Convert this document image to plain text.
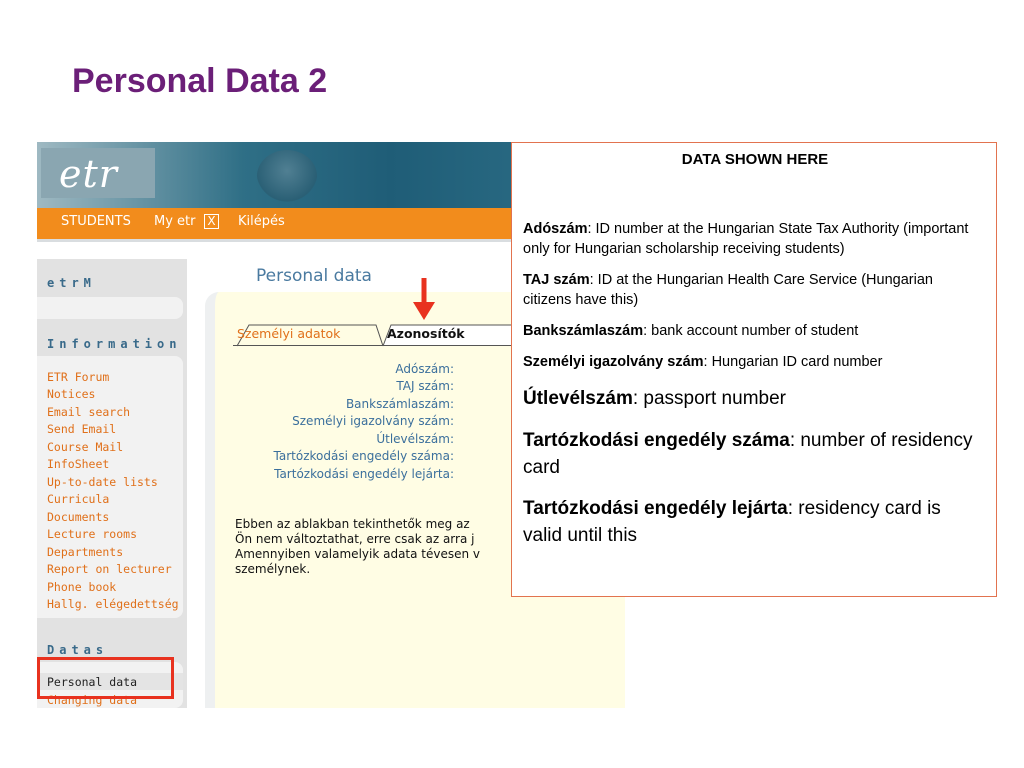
Personal Data 2
etr
STUDENTS My etr X Kilépés
etrM
Information
ETR Forum
Notices
Email search
Send Email
Course Mail
InfoSheet
Up-to-date lists
Curricula
Documents
Lecture rooms
Departments
Report on lecturer
Phone book
Hallg. elégedettség
Datas
Personal data
Changing data
Personal data
Személyi adatok	Azonosítók
Adószám:
TAJ szám:
Bankszámlaszám:
Személyi igazolvány szám:
Útlevélszám:
Tartózkodási engedély száma:
Tartózkodási engedély lejárta:
Ebben az ablakban tekinthetők meg az
Ön nem változtathat, erre csak az arra j
Amennyiben valamelyik adata tévesen v
személynek.
DATA SHOWN HERE

Adószám: ID number at the Hungarian State Tax Authority (important only for Hungarian scholarship receiving students)

TAJ szám: ID at the Hungarian Health Care Service (Hungarian citizens have this)

Bankszámlaszám: bank account number of student

Személyi igazolvány szám: Hungarian ID card number

Útlevélszám: passport number

Tartózkodási engedély száma: number of residency card

Tartózkodási engedély lejárta: residency card is valid until this
